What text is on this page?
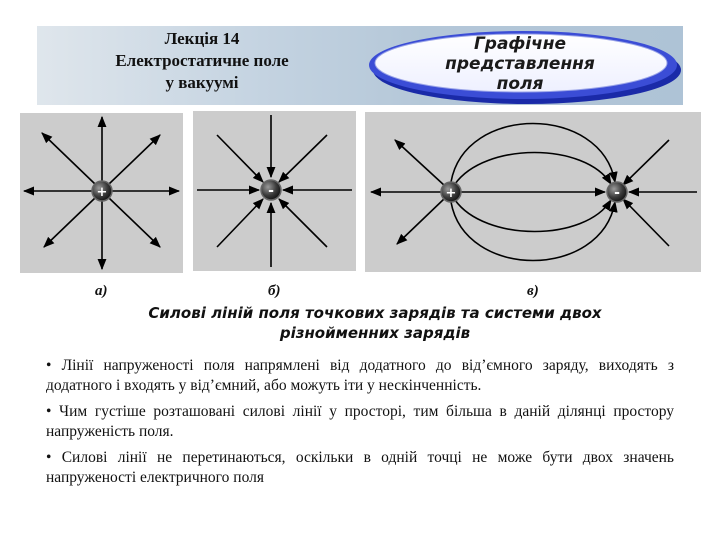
Лекція 14
Електростатичне поле
у вакуумі
Графічне
представлення
поля
+
а)
-
б)
+	-
в)
Силові ліній поля точкових зарядів та системи двох
різнойменних зарядів
• Лінії напруженості поля напрямлені від додатного до від’ємного заряду, виходять з додатного і входять у від’ємний, або можуть іти у нескінченність.
• Чим густіше розташовані силові лінії у просторі, тим більша в даній ділянці простору напруженість поля.
• Силові лінії не перетинаються, оскільки в одній точці не може бути двох значень напруженості електричного поля
